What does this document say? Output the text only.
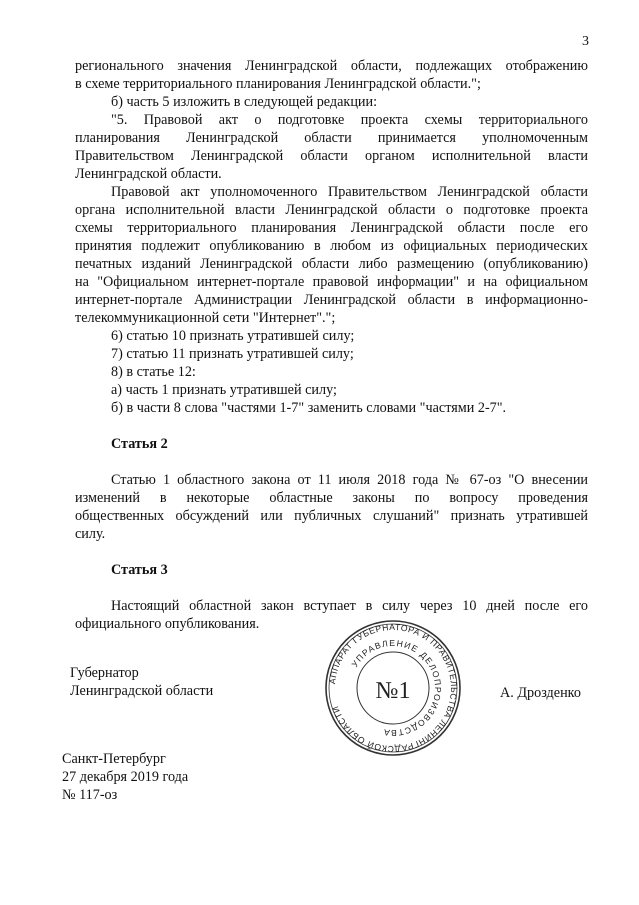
3

регионального значения Ленинградской области, подлежащих отображению

в схеме территориального планирования Ленинградской области.";

б) часть 5 изложить в следующей редакции:

"5. Правовой акт о подготовке проекта схемы территориального

планирования Ленинградской области принимается уполномоченным

Правительством Ленинградской области органом исполнительной власти

Ленинградской области.

Правовой акт уполномоченного Правительством Ленинградской области

органа исполнительной власти Ленинградской области о подготовке проекта

схемы территориального планирования Ленинградской области после его

принятия подлежит опубликованию в любом из официальных периодических

печатных изданий Ленинградской области либо размещению (опубликованию)

на "Официальном интернет-портале правовой информации" и на официальном

интернет-портале Администрации Ленинградской области в информационно-

телекоммуникационной сети "Интернет".";

6) статью 10 признать утратившей силу;

7) статью 11 признать утратившей силу;

8) в статье 12:

а) часть 1 признать утратившей силу;

б) в части 8 слова "частями 1-7" заменить словами "частями 2-7".

Статья 2

Статью 1 областного закона от 11 июля 2018 года № 67-оз "О внесении

изменений в некоторые областные законы по вопросу проведения

общественных обсуждений или публичных слушаний" признать утратившей

силу.

Статья 3

Настоящий областной закон вступает в силу через 10 дней после его

официального опубликования.

Губернатор
Ленинградской области	А. Дрозденко
АППАРАТ ГУБЕРНАТОРА И ПРАВИТЕЛЬСТВА ЛЕНИНГРАДСКОЙ ОБЛАСТИ
УПРАВЛЕНИЕ ДЕЛОПРОИЗВОДСТВА
№1
Санкт-Петербург
27 декабря 2019 года
№ 117-оз
